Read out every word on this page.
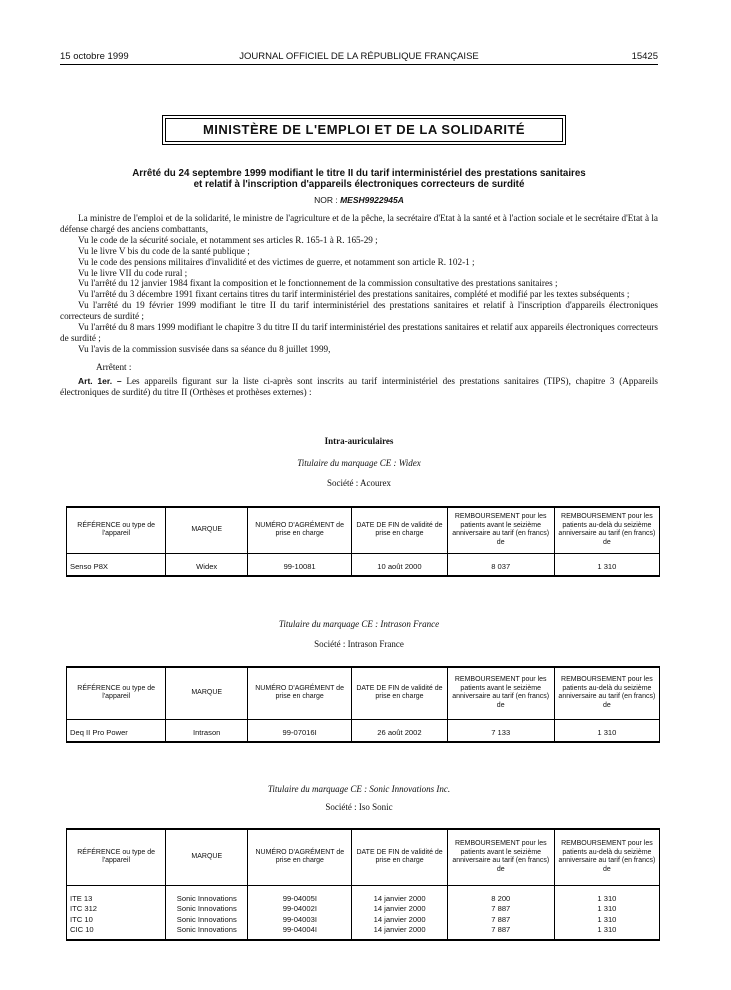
15 octobre 1999	JOURNAL OFFICIEL DE LA RÉPUBLIQUE FRANÇAISE	15425
MINISTÈRE DE L'EMPLOI ET DE LA SOLIDARITÉ
Arrêté du 24 septembre 1999 modifiant le titre II du tarif interministériel des prestations sanitaires
et relatif à l'inscription d'appareils électroniques correcteurs de surdité
NOR : MESH9922945A

La ministre de l'emploi et de la solidarité, le ministre de l'agriculture et de la pêche, la secrétaire d'Etat à la santé et à l'action sociale et le secrétaire d'Etat à la défense chargé des anciens combattants,

Vu le code de la sécurité sociale, et notamment ses articles R. 165-1 à R. 165-29 ;

Vu le livre V bis du code de la santé publique ;

Vu le code des pensions militaires d'invalidité et des victimes de guerre, et notamment son article R. 102-1 ;

Vu le livre VII du code rural ;

Vu l'arrêté du 12 janvier 1984 fixant la composition et le fonctionnement de la commission consultative des prestations sanitaires ;

Vu l'arrêté du 3 décembre 1991 fixant certains titres du tarif interministériel des prestations sanitaires, complété et modifié par les textes subséquents ;

Vu l'arrêté du 19 février 1999 modifiant le titre II du tarif interministériel des prestations sanitaires et relatif à l'inscription d'appareils électroniques correcteurs de surdité ;

Vu l'arrêté du 8 mars 1999 modifiant le chapitre 3 du titre II du tarif interministériel des prestations sanitaires et relatif aux appareils électroniques correcteurs de surdité ;

Vu l'avis de la commission susvisée dans sa séance du 8 juillet 1999,

Arrêtent :

Art. 1er. – Les appareils figurant sur la liste ci-après sont inscrits au tarif interministériel des prestations sanitaires (TIPS), chapitre 3 (Appareils électroniques de surdité) du titre II (Orthèses et prothèses externes) :

Intra-auriculaires
Titulaire du marquage CE : Widex
Société : Acourex
RÉFÉRENCE ou type de l'appareil	MARQUE	NUMÉRO D'AGRÉMENT de prise en charge	DATE DE FIN de validité de prise en charge	REMBOURSEMENT pour les patients avant le seizième anniversaire au tarif (en francs) de	REMBOURSEMENT pour les patients au-delà du seizième anniversaire au tarif (en francs) de

Senso P8X	Widex	99-10081	10 août 2000	8 037	1 310
Titulaire du marquage CE : Intrason France
Société : Intrason France
RÉFÉRENCE ou type de l'appareil	MARQUE	NUMÉRO D'AGRÉMENT de prise en charge	DATE DE FIN de validité de prise en charge	REMBOURSEMENT pour les patients avant le seizième anniversaire au tarif (en francs) de	REMBOURSEMENT pour les patients au-delà du seizième anniversaire au tarif (en francs) de

Deq II Pro Power	Intrason	99-07016I	26 août 2002	7 133	1 310
Titulaire du marquage CE : Sonic Innovations Inc.
Société : Iso Sonic
RÉFÉRENCE ou type de l'appareil	MARQUE	NUMÉRO D'AGRÉMENT de prise en charge	DATE DE FIN de validité de prise en charge	REMBOURSEMENT pour les patients avant le seizième anniversaire au tarif (en francs) de	REMBOURSEMENT pour les patients au-delà du seizième anniversaire au tarif (en francs) de

ITE 13	Sonic Innovations	99-04005I	14 janvier 2000	8 200	1 310
ITC 312	Sonic Innovations	99-04002I	14 janvier 2000	7 887	1 310
ITC 10	Sonic Innovations	99-04003I	14 janvier 2000	7 887	1 310
CIC 10	Sonic Innovations	99-04004I	14 janvier 2000	7 887	1 310
